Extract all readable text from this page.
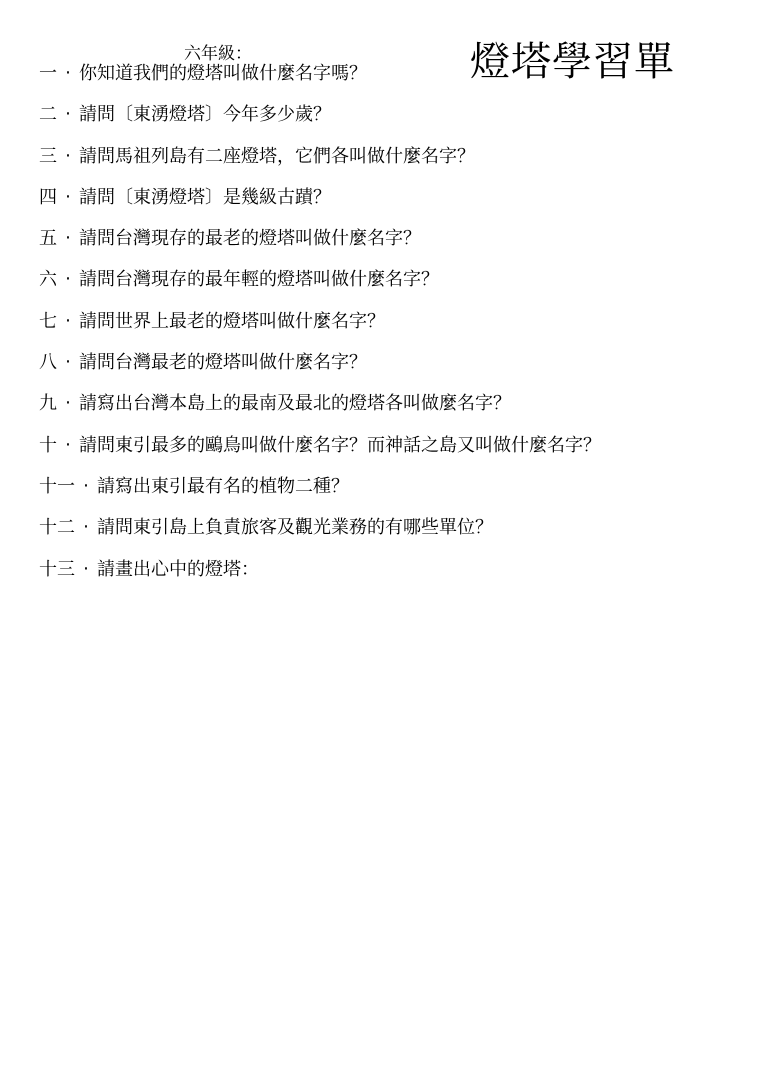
六年級：	燈塔學習單
一 ‧ 你知道我們的燈塔叫做什麼名字嗎？
二 ‧ 請問〔東湧燈塔〕今年多少歲？
三 ‧ 請問馬祖列島有二座燈塔，它們各叫做什麼名字？
四 ‧ 請問〔東湧燈塔〕是幾級古蹟？
五 ‧ 請問台灣現存的最老的燈塔叫做什麼名字？
六 ‧ 請問台灣現存的最年輕的燈塔叫做什麼名字？
七 ‧ 請問世界上最老的燈塔叫做什麼名字？
八 ‧ 請問台灣最老的燈塔叫做什麼名字？
九 ‧ 請寫出台灣本島上的最南及最北的燈塔各叫做麼名字？
十 ‧ 請問東引最多的鷗鳥叫做什麼名字？而神話之島又叫做什麼名字？
十一 ‧ 請寫出東引最有名的植物二種？
十二 ‧ 請問東引島上負責旅客及觀光業務的有哪些單位？
十三 ‧ 請畫出心中的燈塔：
